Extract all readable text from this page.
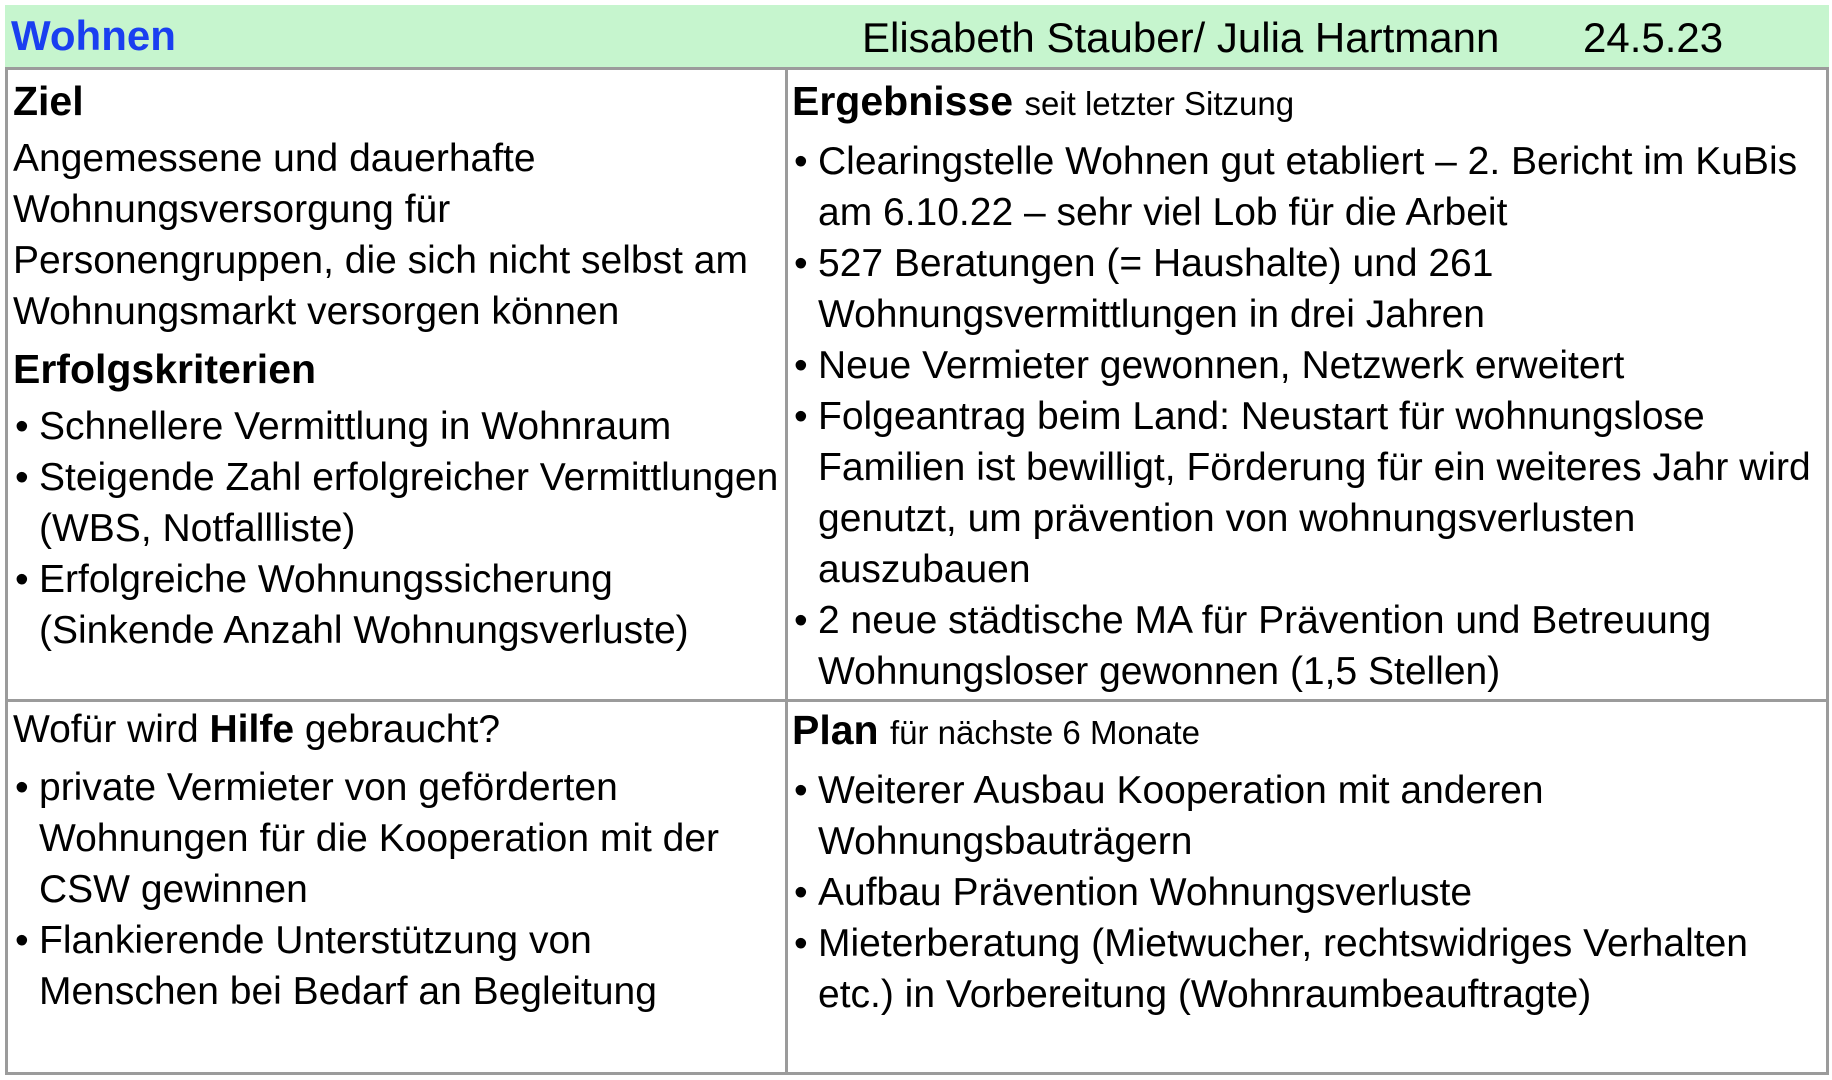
Wohnen	Elisabeth Stauber/ Julia Hartmann 24.5.23
Ziel
Angemessene und dauerhafte Wohnungsversorgung für Personengruppen, die sich nicht selbst am Wohnungsmarkt versorgen können
Erfolgskriterien
• Schnellere Vermittlung in Wohnraum
• Steigende Zahl erfolgreicher Vermittlungen (WBS, Notfallliste)
• Erfolgreiche Wohnungssicherung (Sinkende Anzahl Wohnungsverluste)
Ergebnisse seit letzter Sitzung
• Clearingstelle Wohnen gut etabliert – 2. Bericht im KuBis am 6.10.22 – sehr viel Lob für die Arbeit
• 527 Beratungen (= Haushalte) und 261 Wohnungsvermittlungen in drei Jahren
• Neue Vermieter gewonnen, Netzwerk erweitert
• Folgeantrag beim Land: Neustart für wohnungslose Familien ist bewilligt, Förderung für ein weiteres Jahr wird genutzt, um prävention von wohnungsverlusten auszubauen
• 2 neue städtische MA für Prävention und Betreuung Wohnungsloser gewonnen (1,5 Stellen)
Wofür wird Hilfe gebraucht?
• private Vermieter von geförderten Wohnungen für die Kooperation mit der CSW gewinnen
• Flankierende Unterstützung von Menschen bei Bedarf an Begleitung
Plan für nächste 6 Monate
• Weiterer Ausbau Kooperation mit anderen Wohnungsbauträgern
• Aufbau Prävention Wohnungsverluste
• Mieterberatung (Mietwucher, rechtswidriges Verhalten etc.) in Vorbereitung (Wohnraumbeauftragte)
